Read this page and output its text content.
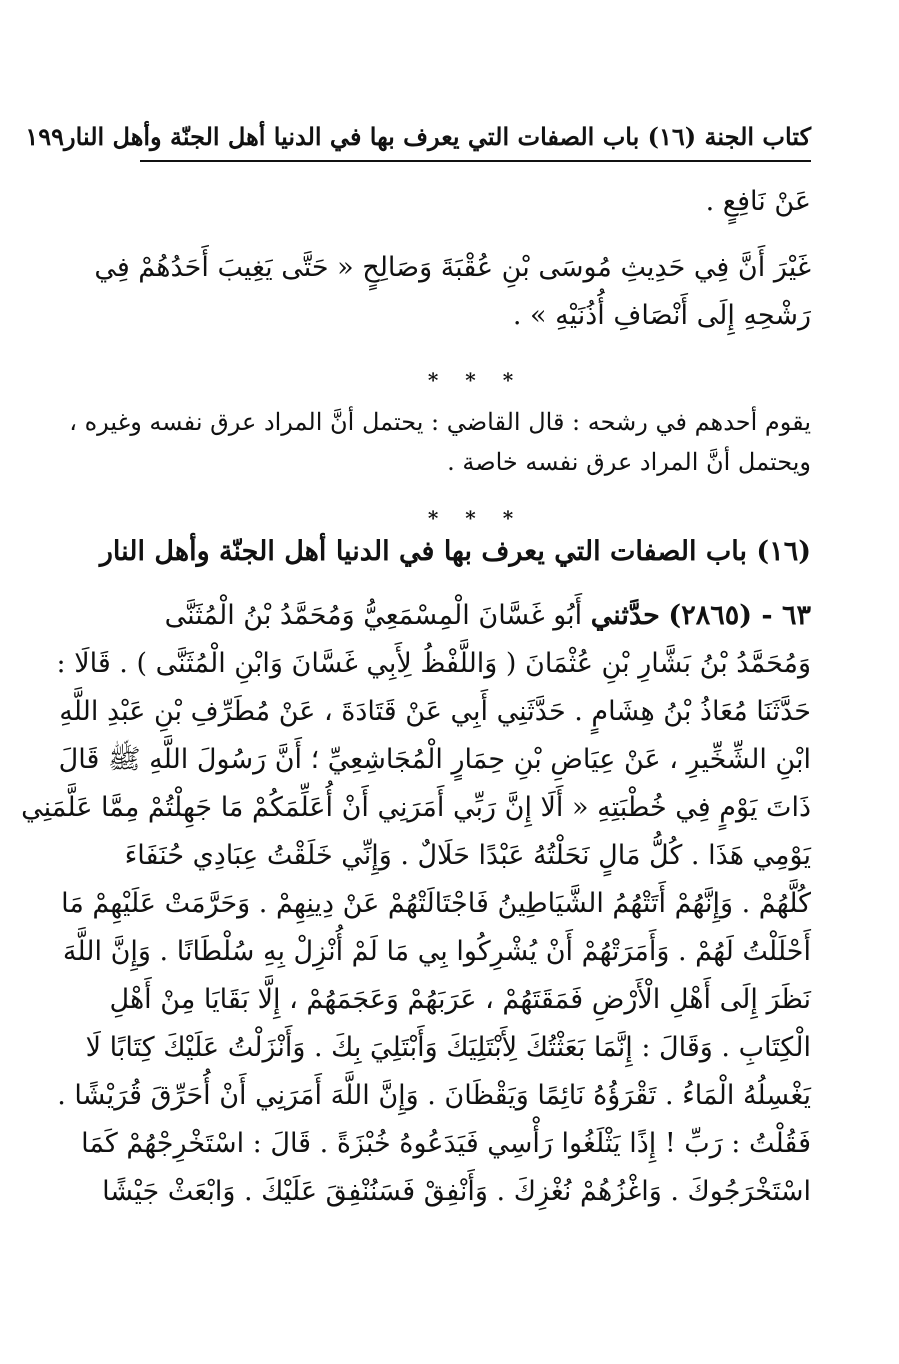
كتاب الجنة (١٦) باب الصفات التي يعرف بها في الدنيا أهل الجنّة وأهل النار
١٩٩
عَنْ نَافِعٍ .
غَيْرَ أَنَّ فِي حَدِيثِ مُوسَى بْنِ عُقْبَةَ وَصَالِحٍ « حَتَّى يَغِيبَ أَحَدُهُمْ فِي
رَشْحِهِ إِلَى أَنْصَافِ أُذُنَيْهِ » .
* * *
يقوم أحدهم في رشحه : قال القاضي : يحتمل أنَّ المراد عرق نفسه وغيره ،
ويحتمل أنَّ المراد عرق نفسه خاصة .
* * *
(١٦) باب الصفات التي يعرف بها في الدنيا أهل الجنّة وأهل النار
٦٣ - (٢٨٦٥) حدَّثني أَبُو غَسَّانَ الْمِسْمَعِيُّ وَمُحَمَّدُ بْنُ الْمُثَنَّى
وَمُحَمَّدُ بْنُ بَشَّارِ بْنِ عُثْمَانَ ( وَاللَّفْظُ لِأَبِي غَسَّانَ وَابْنِ الْمُثَنَّى ) . قَالَا :
حَدَّثَنَا مُعَاذُ بْنُ هِشَامٍ . حَدَّثَنِي أَبِي عَنْ قَتَادَةَ ، عَنْ مُطَرِّفِ بْنِ عَبْدِ اللَّهِ
ابْنِ الشِّخِّيرِ ، عَنْ عِيَاضِ بْنِ حِمَارٍ الْمُجَاشِعِيِّ ؛ أَنَّ رَسُولَ اللَّهِ ﷺ قَالَ
ذَاتَ يَوْمٍ فِي خُطْبَتِهِ « أَلَا إِنَّ رَبِّي أَمَرَنِي أَنْ أُعَلِّمَكُمْ مَا جَهِلْتُمْ مِمَّا عَلَّمَنِي
يَوْمِي هَذَا . كُلُّ مَالٍ نَحَلْتُهُ عَبْدًا حَلَالٌ . وَإِنِّي خَلَقْتُ عِبَادِي حُنَفَاءَ
كُلَّهُمْ . وَإِنَّهُمْ أَتَتْهُمُ الشَّيَاطِينُ فَاجْتَالَتْهُمْ عَنْ دِينِهِمْ . وَحَرَّمَتْ عَلَيْهِمْ مَا
أَحْلَلْتُ لَهُمْ . وَأَمَرَتْهُمْ أَنْ يُشْرِكُوا بِي مَا لَمْ أُنْزِلْ بِهِ سُلْطَانًا . وَإِنَّ اللَّهَ
نَظَرَ إِلَى أَهْلِ الْأَرْضِ فَمَقَتَهُمْ ، عَرَبَهُمْ وَعَجَمَهُمْ ، إِلَّا بَقَايَا مِنْ أَهْلِ
الْكِتَابِ . وَقَالَ : إِنَّمَا بَعَثْتُكَ لِأَبْتَلِيَكَ وَأَبْتَلِيَ بِكَ . وَأَنْزَلْتُ عَلَيْكَ كِتَابًا لَا
يَغْسِلُهُ الْمَاءُ . تَقْرَؤُهُ نَائِمًا وَيَقْظَانَ . وَإِنَّ اللَّهَ أَمَرَنِي أَنْ أُحَرِّقَ قُرَيْشًا .
فَقُلْتُ : رَبِّ ! إِذًا يَثْلَغُوا رَأْسِي فَيَدَعُوهُ خُبْزَةً . قَالَ : اسْتَخْرِجْهُمْ كَمَا
اسْتَخْرَجُوكَ . وَاغْزُهُمْ نُغْزِكَ . وَأَنْفِقْ فَسَنُنْفِقَ عَلَيْكَ . وَابْعَثْ جَيْشًا
